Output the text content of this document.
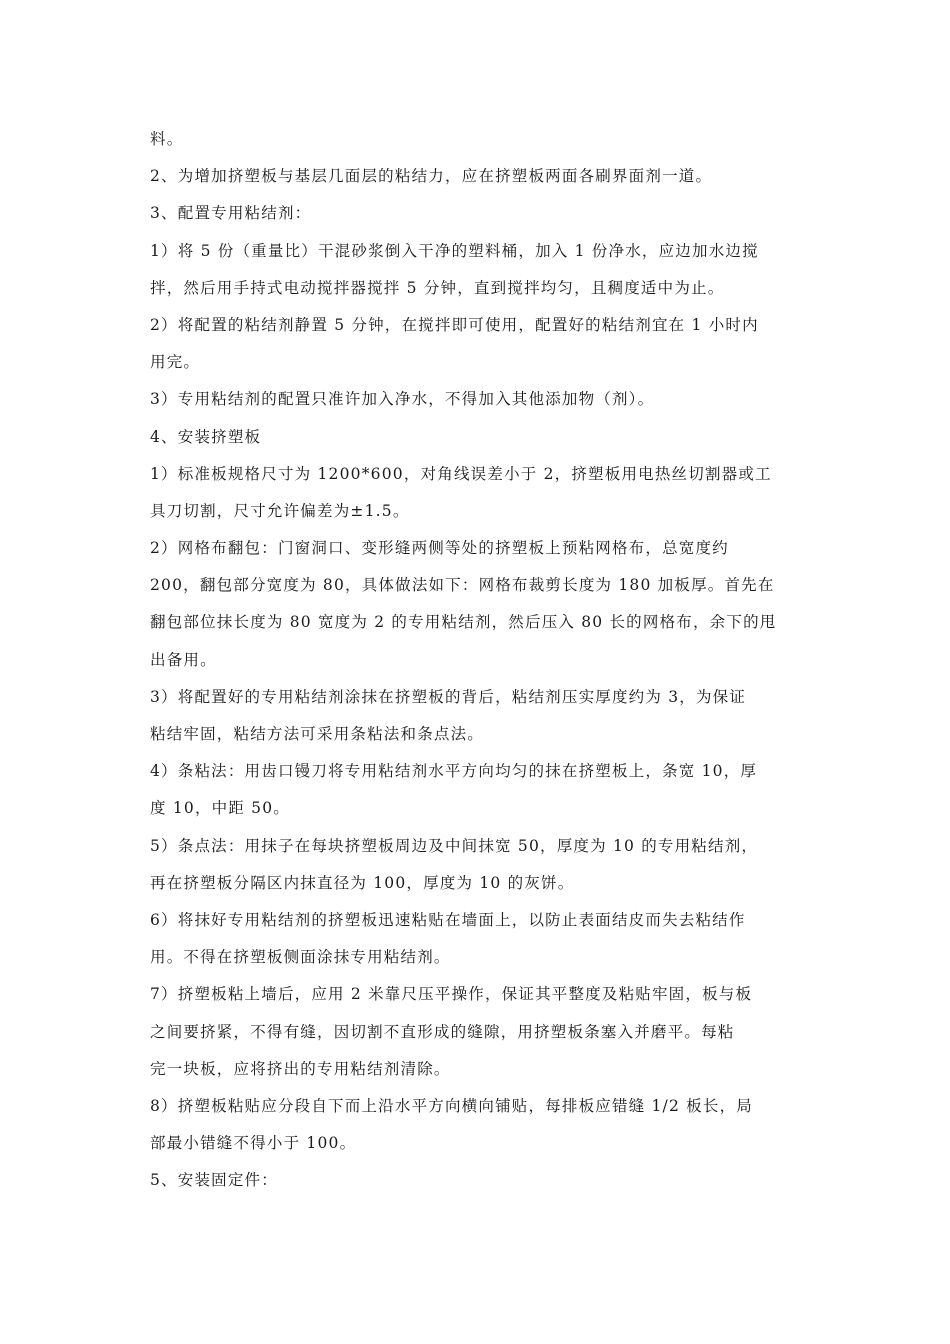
料。
2、为增加挤塑板与基层几面层的粘结力，应在挤塑板两面各刷界面剂一道。
3、配置专用粘结剂：
1）将 5 份（重量比）干混砂浆倒入干净的塑料桶，加入 1 份净水，应边加水边搅
拌，然后用手持式电动搅拌器搅拌 5 分钟，直到搅拌均匀，且稠度适中为止。
2）将配置的粘结剂静置 5 分钟，在搅拌即可使用，配置好的粘结剂宜在 1 小时内
用完。
3）专用粘结剂的配置只准许加入净水，不得加入其他添加物（剂）。
4、安装挤塑板
1）标准板规格尺寸为 1200*600，对角线误差小于 2，挤塑板用电热丝切割器或工
具刀切割，尺寸允许偏差为±1.5。
2）网格布翻包：门窗洞口、变形缝两侧等处的挤塑板上预粘网格布，总宽度约
200，翻包部分宽度为 80，具体做法如下：网格布裁剪长度为 180 加板厚。首先在
翻包部位抹长度为 80 宽度为 2 的专用粘结剂，然后压入 80 长的网格布，余下的甩
出备用。
3）将配置好的专用粘结剂涂抹在挤塑板的背后，粘结剂压实厚度约为 3，为保证
粘结牢固，粘结方法可采用条粘法和条点法。
4）条粘法：用齿口镘刀将专用粘结剂水平方向均匀的抹在挤塑板上，条宽 10，厚
度 10，中距 50。
5）条点法：用抹子在每块挤塑板周边及中间抹宽 50，厚度为 10 的专用粘结剂，
再在挤塑板分隔区内抹直径为 100，厚度为 10 的灰饼。
6）将抹好专用粘结剂的挤塑板迅速粘贴在墙面上，以防止表面结皮而失去粘结作
用。不得在挤塑板侧面涂抹专用粘结剂。
7）挤塑板粘上墙后，应用 2 米靠尺压平操作，保证其平整度及粘贴牢固，板与板
之间要挤紧，不得有缝，因切割不直形成的缝隙，用挤塑板条塞入并磨平。每粘
完一块板，应将挤出的专用粘结剂清除。
8）挤塑板粘贴应分段自下而上沿水平方向横向铺贴，每排板应错缝 1/2 板长，局
部最小错缝不得小于 100。
5、安装固定件：
